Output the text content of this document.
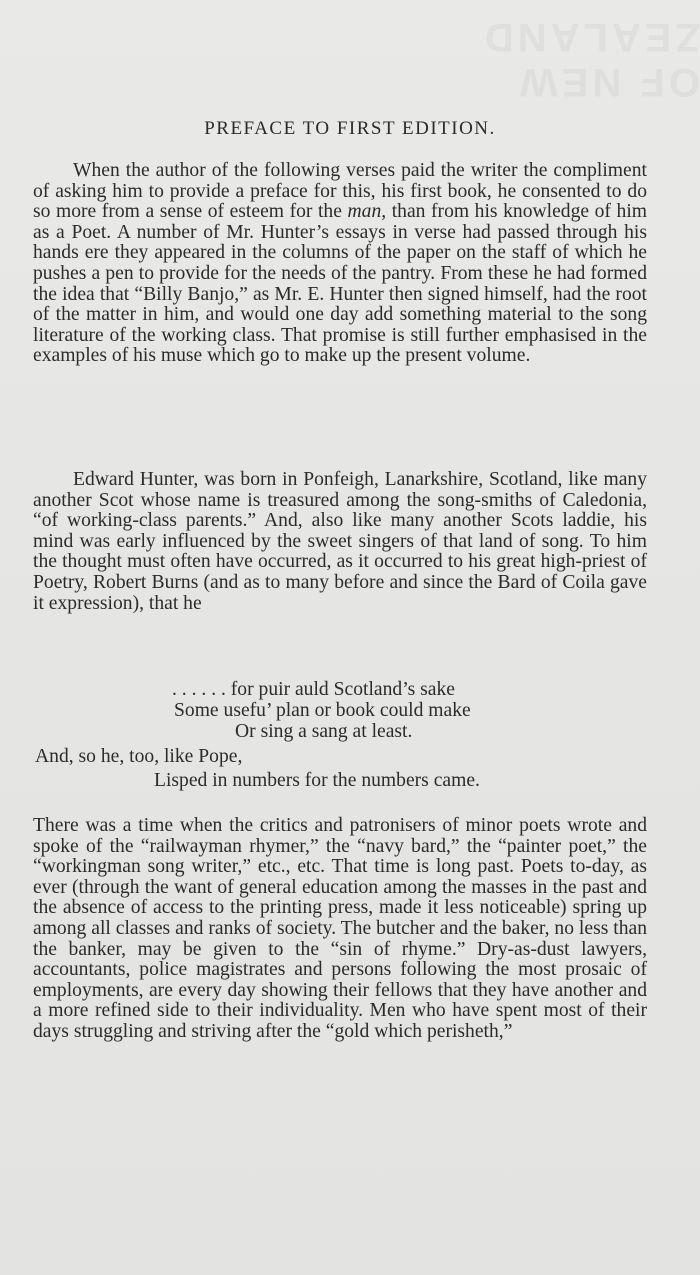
OF NEW ZEALAND
PREFACE TO FIRST EDITION.
When the author of the following verses paid the writer the compliment of asking him to provide a preface for this, his first book, he consented to do so more from a sense of esteem for the man, than from his knowledge of him as a Poet. A number of Mr. Hunter’s essays in verse had passed through his hands ere they appeared in the columns of the paper on the staff of which he pushes a pen to provide for the needs of the pantry. From these he had formed the idea that “Billy Banjo,” as Mr. E. Hunter then signed himself, had the root of the matter in him, and would one day add something material to the song literature of the working class. That promise is still further emphasised in the examples of his muse which go to make up the present volume.
Edward Hunter, was born in Ponfeigh, Lanarkshire, Scotland, like many another Scot whose name is treasured among the song-smiths of Caledonia, “of working-class parents.” And, also like many another Scots laddie, his mind was early influenced by the sweet singers of that land of song. To him the thought must often have occurred, as it occurred to his great high-priest of Poetry, Robert Burns (and as to many before and since the Bard of Coila gave it expression), that he
. . . . . . for puir auld Scotland’s sake
Some usefu’ plan or book could make
Or sing a sang at least.
And, so he, too, like Pope,
Lisped in numbers for the numbers came.
There was a time when the critics and patronisers of minor poets wrote and spoke of the “railwayman rhymer,” the “navy bard,” the “painter poet,” the “workingman song writer,” etc., etc. That time is long past. Poets to-day, as ever (through the want of general education among the masses in the past and the absence of access to the printing press, made it less noticeable) spring up among all classes and ranks of society. The butcher and the baker, no less than the banker, may be given to the “sin of rhyme.” Dry-as-dust lawyers, accountants, police magistrates and persons following the most prosaic of employments, are every day showing their fellows that they have another and a more refined side to their individuality. Men who have spent most of their days struggling and striving after the “gold which perisheth,”
